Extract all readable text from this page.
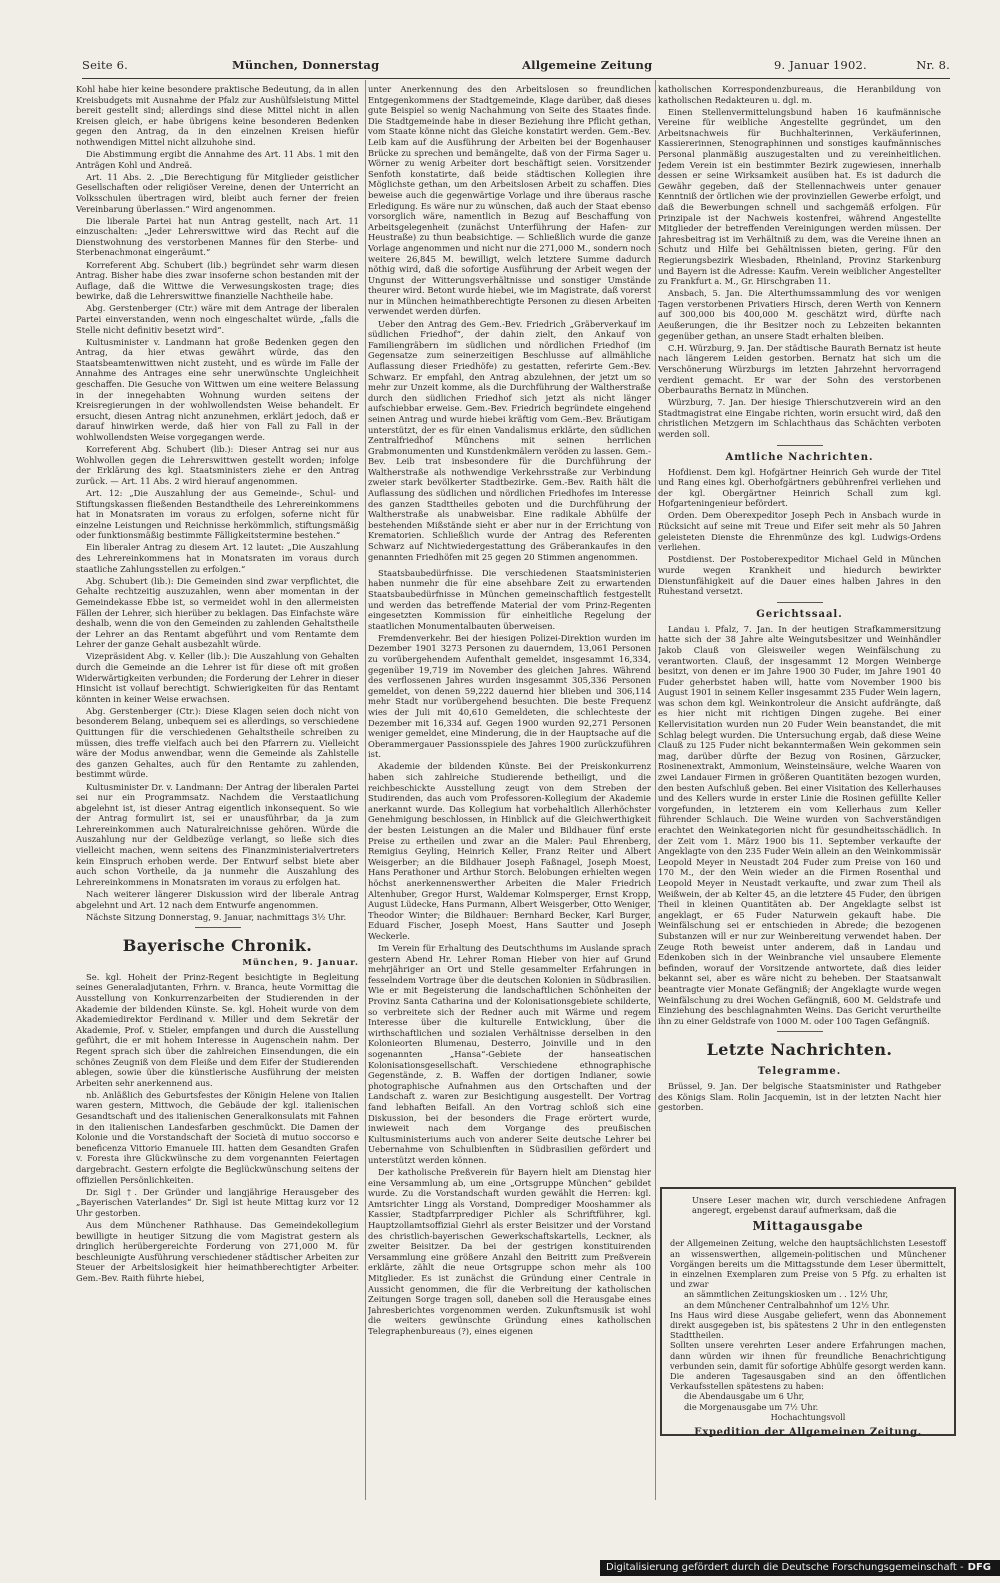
Seite 6.	München, Donnerstag	Allgemeine Zeitung	9. Januar 1902.	Nr. 8.

Kohl habe hier keine besondere praktische Bedeutung, da in allen Kreisbudgets mit Ausnahme der Pfalz zur Aushülfsleistung Mittel bereit gestellt sind; allerdings sind diese Mittel nicht in allen Kreisen gleich, er habe übrigens keine besonderen Bedenken gegen den Antrag, da in den einzelnen Kreisen hiefür nothwendigen Mittel nicht allzuhohe sind.

Die Abstimmung ergibt die Annahme des Art. 11 Abs. 1 mit den Anträgen Kohl und Andreä.

Art. 11 Abs. 2. „Die Berechtigung für Mitglieder geistlicher Gesellschaften oder religiöser Vereine, denen der Unterricht an Volksschulen übertragen wird, bleibt auch ferner der freien Vereinbarung überlassen.“ Wird angenommen.

Die liberale Partei hat nun Antrag gestellt, nach Art. 11 einzuschalten: „Jeder Lehrerswittwe wird das Recht auf die Dienstwohnung des verstorbenen Mannes für den Sterbe- und Sterbenachmonat eingeräumt.“

Korreferent Abg. Schubert (lib.) begründet sehr warm diesen Antrag. Bisher habe dies zwar insoferne schon bestanden mit der Auflage, daß die Wittwe die Verwesungskosten trage; dies bewirke, daß die Lehrerswittwe finanzielle Nachtheile habe.

Abg. Gerstenberger (Ctr.) wäre mit dem Antrage der liberalen Partei einverstanden, wenn noch eingeschaltet würde, „falls die Stelle nicht definitiv besetzt wird“.

Kultusminister v. Landmann hat große Bedenken gegen den Antrag, da hier etwas gewährt würde, das den Staatsbeamtenwittwen nicht zusteht, und es würde im Falle der Annahme des Antrages eine sehr unerwünschte Ungleichheit geschaffen. Die Gesuche von Wittwen um eine weitere Belassung in der innegehabten Wohnung wurden seitens der Kreisregierungen in der wohlwollendsten Weise behandelt. Er ersucht, diesen Antrag nicht anzunehmen, erklärt jedoch, daß er darauf hinwirken werde, daß hier von Fall zu Fall in der wohlwollendsten Weise vorgegangen werde.

Korreferent Abg. Schubert (lib.): Dieser Antrag sei nur aus Wohlwollen gegen die Lehrerswittwen gestellt worden; infolge der Erklärung des kgl. Staatsministers ziehe er den Antrag zurück. — Art. 11 Abs. 2 wird hierauf angenommen.

Art. 12: „Die Auszahlung der aus Gemeinde-, Schul- und Stiftungskassen fließenden Bestandtheile des Lehrereinkommens hat in Monatsraten im voraus zu erfolgen, soferne nicht für einzelne Leistungen und Reichnisse herkömmlich, stiftungsmäßig oder funktionsmäßig bestimmte Fälligkeitstermine bestehen.“

Ein liberaler Antrag zu diesem Art. 12 lautet: „Die Auszahlung des Lehrereinkommens hat in Monatsraten im voraus durch staatliche Zahlungsstellen zu erfolgen.“

Abg. Schubert (lib.): Die Gemeinden sind zwar verpflichtet, die Gehalte rechtzeitig auszuzahlen, wenn aber momentan in der Gemeindekasse Ebbe ist, so vermeidet wohl in den allermeisten Fällen der Lehrer, sich hierüber zu beklagen. Das Einfachste wäre deshalb, wenn die von den Gemeinden zu zahlenden Gehaltstheile der Lehrer an das Rentamt abgeführt und vom Rentamte dem Lehrer der ganze Gehalt ausbezahlt würde.

Vizepräsident Abg. v. Keller (lib.): Die Auszahlung von Gehalten durch die Gemeinde an die Lehrer ist für diese oft mit großen Widerwärtigkeiten verbunden; die Forderung der Lehrer in dieser Hinsicht ist vollauf berechtigt. Schwierigkeiten für das Rentamt könnten in keiner Weise erwachsen.

Abg. Gerstenberger (Ctr.): Diese Klagen seien doch nicht von besonderem Belang, unbequem sei es allerdings, so verschiedene Quittungen für die verschiedenen Gehaltstheile schreiben zu müssen, dies treffe vielfach auch bei den Pfarrern zu. Vielleicht wäre der Modus anwendbar, wenn die Gemeinde als Zahlstelle des ganzen Gehaltes, auch für den Rentamte zu zahlenden, bestimmt würde.

Kultusminister Dr. v. Landmann: Der Antrag der liberalen Partei sei nur ein Programmsatz. Nachdem die Verstaatlichung abgelehnt ist, ist dieser Antrag eigentlich inkonsequent. So wie der Antrag formulirt ist, sei er unausführbar, da ja zum Lehrereinkommen auch Naturalreichnisse gehören. Würde die Auszahlung nur der Geldbezüge verlangt, so ließe sich dies vielleicht machen, wenn seitens des Finanzministerialvertreters kein Einspruch erhoben werde. Der Entwurf selbst biete aber auch schon Vortheile, da ja nunmehr die Auszahlung des Lehrereinkommens in Monatsraten im voraus zu erfolgen hat.

Nach weiterer längerer Diskussion wird der liberale Antrag abgelehnt und Art. 12 nach dem Entwurfe angenommen.

Nächste Sitzung Donnerstag, 9. Januar, nachmittags 3½ Uhr.

Bayerische Chronik.
München, 9. Januar.

Se. kgl. Hoheit der Prinz-Regent besichtigte in Begleitung seines Generaladjutanten, Frhrn. v. Branca, heute Vormittag die Ausstellung von Konkurrenzarbeiten der Studierenden in der Akademie der bildenden Künste. Se. kgl. Hoheit wurde von dem Akademiedirektor Ferdinand v. Miller und dem Sekretär der Akademie, Prof. v. Stieler, empfangen und durch die Ausstellung geführt, die er mit hohem Interesse in Augenschein nahm. Der Regent sprach sich über die zahlreichen Einsendungen, die ein schönes Zeugniß von dem Fleiße und dem Eifer der Studierenden ablegen, sowie über die künstlerische Ausführung der meisten Arbeiten sehr anerkennend aus.

nb. Anläßlich des Geburtsfestes der Königin Helene von Italien waren gestern, Mittwoch, die Gebäude der kgl. italienischen Gesandtschaft und des italienischen Generalkonsulats mit Fahnen in den italienischen Landesfarben geschmückt. Die Damen der Kolonie und die Vorstandschaft der Società di mutuo soccorso e beneficenza Vittorio Emanuele III. hatten dem Gesandten Grafen v. Foresta ihre Glückwünsche zu dem vorgenannten Feiertagen dargebracht. Gestern erfolgte die Beglückwünschung seitens der offiziellen Persönlichkeiten.

Dr. Sigl †. Der Gründer und langjährige Herausgeber des „Bayerischen Vaterlandes“ Dr. Sigl ist heute Mittag kurz vor 12 Uhr gestorben.

Aus dem Münchener Rathhause. Das Gemeindekollegium bewilligte in heutiger Sitzung die vom Magistrat gestern als dringlich herübergereichte Forderung von 271,000 M. für beschleunigte Ausführung verschiedener städtischer Arbeiten zur Steuer der Arbeitslosigkeit hier heimathberechtigter Arbeiter. Gem.-Bev. Raith führte hiebei,

unter Anerkennung des den Arbeitslosen so freundlichen Entgegenkommens der Stadtgemeinde, Klage darüber, daß dieses gute Beispiel so wenig Nachahmung von Seite des Staates finde. Die Stadtgemeinde habe in dieser Beziehung ihre Pflicht gethan, vom Staate könne nicht das Gleiche konstatirt werden. Gem.-Bev. Leib kam auf die Ausführung der Arbeiten bei der Bogenhauser Brücke zu sprechen und bemängelte, daß von der Firma Sager u. Wörner zu wenig Arbeiter dort beschäftigt seien. Vorsitzender Senfoth konstatirte, daß beide städtischen Kollegien ihre Möglichste gethan, um den Arbeitslosen Arbeit zu schaffen. Dies beweise auch die gegenwärtige Vorlage und ihre überaus rasche Erledigung. Es wäre nur zu wünschen, daß auch der Staat ebenso vorsorglich wäre, namentlich in Bezug auf Beschaffung von Arbeitsgelegenheit (zunächst Unterführung der Hafen- zur Heustraße) zu thun beabsichtige. — Schließlich wurde die ganze Vorlage angenommen und nicht nur die 271,000 M., sondern noch weitere 26,845 M. bewilligt, welch letztere Summe dadurch nöthig wird, daß die sofortige Ausführung der Arbeit wegen der Ungunst der Witterungsverhältnisse und sonstiger Umstände theurer wird. Betont wurde hiebei, wie im Magistrate, daß vorerst nur in München heimathberechtigte Personen zu diesen Arbeiten verwendet werden dürfen.

Ueber den Antrag des Gem.-Bev. Friedrich „Gräberverkauf im südlichen Friedhof“, der dahin zielt, den Ankauf von Familiengräbern im südlichen und nördlichen Friedhof (im Gegensatze zum seinerzeitigen Beschlusse auf allmähliche Auflassung dieser Friedhöfe) zu gestatten, referirte Gem.-Bev. Schwarz. Er empfahl, den Antrag abzulehnen, der jetzt um so mehr zur Unzeit komme, als die Durchführung der Waltherstraße durch den südlichen Friedhof sich jetzt als nicht länger aufschiebbar erweise. Gem.-Bev. Friedrich begründete eingehend seinen Antrag und wurde hiebei kräftig vom Gem.-Bev. Bräutigam unterstützt, der es für einen Vandalismus erklärte, den südlichen Zentralfriedhof Münchens mit seinen herrlichen Grabmonumenten und Kunstdenkmälern veröden zu lassen. Gem.-Bev. Leib trat insbesondere für die Durchführung der Waltherstraße als nothwendige Verkehrsstraße zur Verbindung zweier stark bevölkerter Stadtbezirke. Gem.-Bev. Raith hält die Auflassung des südlichen und nördlichen Friedhofes im Interesse des ganzen Stadttheiles geboten und die Durchführung der Waltherstraße als unabweisbar. Eine radikale Abhülfe der bestehenden Mißstände sieht er aber nur in der Errichtung von Krematorien. Schließlich wurde der Antrag des Referenten Schwarz auf Nichtwiedergestattung des Gräberankaufes in den genannten Friedhöfen mit 25 gegen 20 Stimmen angenommen.

Staatsbaubedürfnisse. Die verschiedenen Staatsministerien haben nunmehr die für eine absehbare Zeit zu erwartenden Staatsbaubedürfnisse in München gemeinschaftlich festgestellt und werden das betreffende Material der vom Prinz-Regenten eingesetzten Kommission für einheitliche Regelung der staatlichen Monumentalbauten überweisen.

Fremdenverkehr. Bei der hiesigen Polizei-Direktion wurden im Dezember 1901 3273 Personen zu dauerndem, 13,061 Personen zu vorübergehendem Aufenthalt gemeldet, insgesammt 16,334, gegenüber 19,719 im November des gleichen Jahres. Während des verflossenen Jahres wurden insgesammt 305,336 Personen gemeldet, von denen 59,222 dauernd hier blieben und 306,114 mehr Stadt nur vorübergehend besuchten. Die beste Frequenz wies der Juli mit 40,610 Gemeldeten, die schlechteste der Dezember mit 16,334 auf. Gegen 1900 wurden 92,271 Personen weniger gemeldet, eine Minderung, die in der Hauptsache auf die Oberammergauer Passionsspiele des Jahres 1900 zurückzuführen ist.

Akademie der bildenden Künste. Bei der Preiskonkurrenz haben sich zahlreiche Studierende betheiligt, und die reichbeschickte Ausstellung zeugt von dem Streben der Studirenden, das auch vom Professoren-Kollegium der Akademie anerkannt wurde. Das Kollegium hat vorbehaltlich Allerhöchster Genehmigung beschlossen, in Hinblick auf die Gleichwerthigkeit der besten Leistungen an die Maler und Bildhauer fünf erste Preise zu ertheilen und zwar an die Maler: Paul Ehrenberg, Remigius Geyling, Heinrich Keller, Franz Reiter und Albert Weisgerber; an die Bildhauer Joseph Faßnagel, Joseph Moest, Hans Perathoner und Arthur Storch. Belobungen erhielten wegen höchst anerkennenswerther Arbeiten die Maler Friedrich Altenhuber, Gregor Hurst, Waldemar Kolmsperger, Ernst Kropp, August Lüdecke, Hans Purmann, Albert Weisgerber, Otto Weniger, Theodor Winter; die Bildhauer: Bernhard Becker, Karl Burger, Eduard Fischer, Joseph Moest, Hans Sautter und Joseph Weckerle.

Im Verein für Erhaltung des Deutschthums im Auslande sprach gestern Abend Hr. Lehrer Roman Hieber von hier auf Grund mehrjähriger an Ort und Stelle gesammelter Erfahrungen in fesselndem Vortrage über die deutschen Kolonien in Südbrasilien. Wie er mit Begeisterung die landschaftlichen Schönheiten der Provinz Santa Catharina und der Kolonisationsgebiete schilderte, so verbreitete sich der Redner auch mit Wärme und regem Interesse über die kulturelle Entwicklung, über die wirthschaftlichen und sozialen Verhältnisse derselben in den Kolonieorten Blumenau, Desterro, Joinville und in den sogenannten „Hansa“-Gebiete der hanseatischen Kolonisationsgesellschaft. Verschiedene ethnographische Gegenstände, z. B. Waffen der dortigen Indianer, sowie photographische Aufnahmen aus den Ortschaften und der Landschaft z. waren zur Besichtigung ausgestellt. Der Vortrag fand lebhaften Beifall. An den Vortrag schloß sich eine Diskussion, bei der besonders die Frage erörtert wurde, inwieweit nach dem Vorgange des preußischen Kultusministeriums auch von anderer Seite deutsche Lehrer bei Uebernahme von Schulbienften in Südbrasilien gefördert und unterstützt werden können.

Der katholische Preßverein für Bayern hielt am Dienstag hier eine Versammlung ab, um eine „Ortsgruppe München“ gebildet wurde. Zu die Vorstandschaft wurden gewählt die Herren: kgl. Amtsrichter Lingg als Vorstand, Domprediger Mooshammer als Kassier, Stadtpfarrprediger Pichler als Schriftführer, kgl. Hauptzollamtsoffizial Giehrl als erster Beisitzer und der Vorstand des christlich-bayerischen Gewerkschaftskartells, Leckner, als zweiter Beisitzer. Da bei der gestrigen konstituirenden Versammlung eine größere Anzahl den Beitritt zum Preßverein erklärte, zählt die neue Ortsgruppe schon mehr als 100 Mitglieder. Es ist zunächst die Gründung einer Centrale in Aussicht genommen, die für die Verbreitung der katholischen Zeitungen Sorge tragen soll, daneben soll die Herausgabe eines Jahresberichtes vorgenommen werden. Zukunftsmusik ist wohl die weiters gewünschte Gründung eines katholischen Telegraphenbureaus (?), eines eigenen

katholischen Korrespondenzbureaus, die Heranbildung von katholischen Redakteuren u. dgl. m.

Einen Stellenvermittelungsbund haben 16 kaufmännische Vereine für weibliche Angestellte gegründet, um den Arbeitsnachweis für Buchhalterinnen, Verkäuferinnen, Kassiererinnen, Stenographinnen und sonstiges kaufmännisches Personal planmäßig auszugestalten und zu vereinheitlichen. Jedem Verein ist ein bestimmter Bezirk zugewiesen, innerhalb dessen er seine Wirksamkeit ausüben hat. Es ist dadurch die Gewähr gegeben, daß der Stellennachweis unter genauer Kenntniß der örtlichen wie der provinziellen Gewerbe erfolgt, und daß die Bewerbungen schnell und sachgemäß erfolgen. Für Prinzipale ist der Nachweis kostenfrei, während Angestellte Mitglieder der betreffenden Vereinigungen werden müssen. Der Jahresbeitrag ist im Verhältniß zu dem, was die Vereine ihnen an Schutz und Hilfe bei Gehältnissen bieten, gering. Für den Regierungsbezirk Wiesbaden, Rheinland, Provinz Starkenburg und Bayern ist die Adresse: Kaufm. Verein weiblicher Angestellter zu Frankfurt a. M., Gr. Hirschgraben 11.

Ansbach, 5. Jan. Die Alterthumssammlung des vor wenigen Tagen verstorbenen Privatiers Hirsch, deren Werth von Kennern auf 300,000 bis 400,000 M. geschätzt wird, dürfte nach Aeußerungen, die ihr Besitzer noch zu Lebzeiten bekannten gegenüber gethan, an unsere Stadt erhalten bleiben.

C.H. Würzburg, 9. Jan. Der städtische Baurath Bernatz ist heute nach längerem Leiden gestorben. Bernatz hat sich um die Verschönerung Würzburgs im letzten Jahrzehnt hervorragend verdient gemacht. Er war der Sohn des verstorbenen Oberbauraths Bernatz in München.

Würzburg, 7. Jan. Der hiesige Thierschutzverein wird an den Stadtmagistrat eine Eingabe richten, worin ersucht wird, daß den christlichen Metzgern im Schlachthaus das Schächten verboten werden soll.

Amtliche Nachrichten.

Hofdienst. Dem kgl. Hofgärtner Heinrich Geh wurde der Titel und Rang eines kgl. Oberhofgärtners gebührenfrei verliehen und der kgl. Obergärtner Heinrich Schall zum kgl. Hofgarteningenieur befördert.

Orden. Dem Oberexpeditor Joseph Pech in Ansbach wurde in Rücksicht auf seine mit Treue und Eifer seit mehr als 50 Jahren geleisteten Dienste die Ehrenmünze des kgl. Ludwigs-Ordens verliehen.

Postdienst. Der Postoberexpeditor Michael Geld in München wurde wegen Krankheit und hiedurch bewirkter Dienstunfähigkeit auf die Dauer eines halben Jahres in den Ruhestand versetzt.

Gerichtssaal.

Landau i. Pfalz, 7. Jan. In der heutigen Strafkammersitzung hatte sich der 38 Jahre alte Weingutsbesitzer und Weinhändler Jakob Clauß von Gleisweiler wegen Weinfälschung zu verantworten. Clauß, der insgesammt 12 Morgen Weinberge besitzt, von denen er im Jahre 1900 30 Fuder, im Jahre 1901 40 Fuder geherbstet haben will, hatte vom November 1900 bis August 1901 in seinem Keller insgesammt 235 Fuder Wein lagern, was schon dem kgl. Weinkontroleur die Ansicht aufdrängte, daß es hier nicht mit richtigen Dingen zugehe. Bei einer Kellervisitation wurden nun 20 Fuder Wein beanstandet, die mit Schlag belegt wurden. Die Untersuchung ergab, daß diese Weine Clauß zu 125 Fuder nicht bekanntermaßen Wein gekommen sein mag, darüber dürfte der Bezug von Rosinen, Gärzucker, Rosinenextrakt, Ammonium, Weinsteinsäure, welche Waaren von zwei Landauer Firmen in größeren Quantitäten bezogen wurden, den besten Aufschluß geben. Bei einer Visitation des Kellerhauses und des Kellers wurde in erster Linie die Rosinen gefüllte Keller vorgefunden, in letzterem ein vom Kellerhaus zum Keller führender Schlauch. Die Weine wurden von Sachverständigen erachtet den Weinkategorien nicht für gesundheitsschädlich. In der Zeit vom 1. März 1900 bis 11. September verkaufte der Angeklagte von den 235 Fuder Wein allein an den Weinkommissär Leopold Meyer in Neustadt 204 Fuder zum Preise von 160 und 170 M., der den Wein wieder an die Firmen Rosenthal und Leopold Meyer in Neustadt verkaufte, und zwar zum Theil als Weißwein, der ab Kelter 45, an die letztere 45 Fuder, den übrigen Theil in kleinen Quantitäten ab. Der Angeklagte selbst ist angeklagt, er 65 Fuder Naturwein gekauft habe. Die Weinfälschung sei er entschieden in Abrede; die bezogenen Substanzen will er nur zur Weinbereitung verwendet haben. Der Zeuge Roth beweist unter anderem, daß in Landau und Edenkoben sich in der Weinbranche viel unsaubere Elemente befinden, worauf der Vorsitzende antwortete, daß dies leider bekannt sei, aber es wäre nicht zu beheben. Der Staatsanwalt beantragte vier Monate Gefängniß; der Angeklagte wurde wegen Weinfälschung zu drei Wochen Gefängniß, 600 M. Geldstrafe und Einziehung des beschlagnahmten Weins. Das Gericht verurtheilte ihn zu einer Geldstrafe von 1000 M. oder 100 Tagen Gefängniß.

Letzte Nachrichten.
Telegramme.

Brüssel, 9. Jan. Der belgische Staatsminister und Rathgeber des Königs Slam. Rolin Jacquemin, ist in der letzten Nacht hier gestorben.

Unsere Leser machen wir, durch verschiedene Anfragen angeregt, ergebenst darauf aufmerksam, daß die

Mittagausgabe

der Allgemeinen Zeitung, welche den hauptsächlichsten Lesestoff an wissenswerthen, allgemein-politischen und Münchener Vorgängen bereits um die Mittagsstunde dem Leser übermittelt, in einzelnen Exemplaren zum Preise von 5 Pfg. zu erhalten ist und zwar

an sämmtlichen Zeitungskiosken um . . 12½ Uhr,

an dem Münchener Centralbahnhof um 12½ Uhr.

Ins Haus wird diese Ausgabe geliefert, wenn das Abonnement direkt ausgegeben ist, bis spätestens 2 Uhr in den entlegensten Stadttheilen.

Sollten unsere verehrten Leser andere Erfahrungen machen, dann würden wir ihnen für freundliche Benachrichtigung verbunden sein, damit für sofortige Abhülfe gesorgt werden kann.

Die anderen Tagesausgaben sind an den öffentlichen Verkaufsstellen spätestens zu haben:

die Abendausgabe um 6 Uhr,

die Morgenausgabe um 7½ Uhr.

Hochachtungsvoll

Expedition der Allgemeinen Zeitung.
Digitalisierung gefördert durch die Deutsche Forschungsgemeinschaft - DFG
